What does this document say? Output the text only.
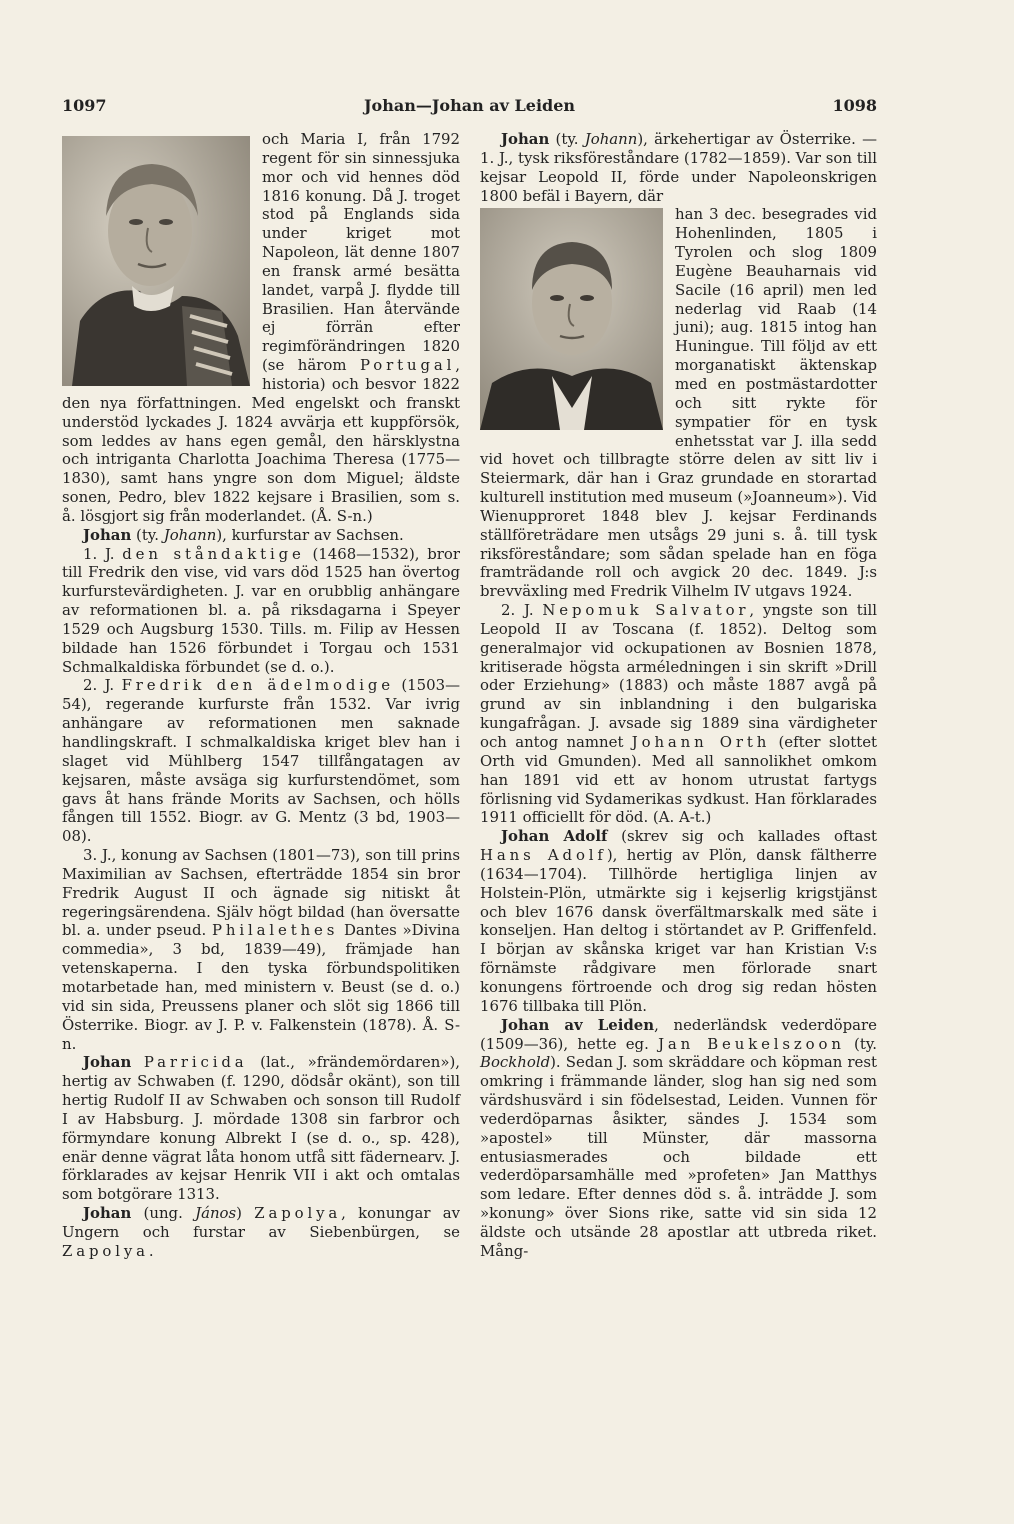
1097	Johan—Johan av Leiden	1098

och Maria I, från 1792 regent för sin sinnessjuka mor och vid hennes död 1816 konung. Då J. troget stod på Englands sida under kriget mot Napoleon, lät denne 1807 en fransk armé besätta landet, varpå J. flydde till Brasilien. Han återvände ej förrän efter regimförändringen 1820 (se härom Portugal, historia) och besvor 1822 den nya författningen. Med engelskt och franskt understöd lyckades J. 1824 avvärja ett kuppförsök, som leddes av hans egen gemål, den härsklystna och intriganta Charlotta Joachima Theresa (1775—1830), samt hans yngre son dom Miguel; äldste sonen, Pedro, blev 1822 kejsare i Brasilien, som s. å. lösgjort sig från moderlandet. (Å. S-n.)

Johan (ty. Johann), kurfurstar av Sachsen.

1. J. den ståndaktige (1468—1532), bror till Fredrik den vise, vid vars död 1525 han övertog kurfurstevärdigheten. J. var en orubblig anhängare av reformationen bl. a. på riksdagarna i Speyer 1529 och Augsburg 1530. Tills. m. Filip av Hessen bildade han 1526 förbundet i Torgau och 1531 Schmalkaldiska förbundet (se d. o.).

2. J. Fredrik den ädelmodige (1503—54), regerande kurfurste från 1532. Var ivrig anhängare av reformationen men saknade handlingskraft. I schmalkaldiska kriget blev han i slaget vid Mühlberg 1547 tillfångatagen av kejsaren, måste avsäga sig kurfurstendömet, som gavs åt hans frände Morits av Sachsen, och hölls fången till 1552. Biogr. av G. Mentz (3 bd, 1903—08).

3. J., konung av Sachsen (1801—73), son till prins Maximilian av Sachsen, efterträdde 1854 sin bror Fredrik August II och ägnade sig nitiskt åt regeringsärendena. Själv högt bildad (han översatte bl. a. under pseud. Philalethes Dantes »Divina commedia», 3 bd, 1839—49), främjade han vetenskaperna. I den tyska förbundspolitiken motarbetade han, med ministern v. Beust (se d. o.) vid sin sida, Preussens planer och slöt sig 1866 till Österrike. Biogr. av J. P. v. Falkenstein (1878). Å. S-n.

Johan Parricida (lat., »frändemördaren»), hertig av Schwaben (f. 1290, dödsår okänt), son till hertig Rudolf II av Schwaben och sonson till Rudolf I av Habsburg. J. mördade 1308 sin farbror och förmyndare konung Albrekt I (se d. o., sp. 428), enär denne vägrat låta honom utfå sitt fädernearv. J. förklarades av kejsar Henrik VII i akt och omtalas som botgörare 1313.

Johan (ung. János) Zapolya, konungar av Ungern och furstar av Siebenbürgen, se Zapolya.

Johan (ty. Johann), ärkehertigar av Österrike. — 1. J., tysk riksföreståndare (1782—1859). Var son till kejsar Leopold II, förde under Napoleonskrigen 1800 befäl i Bayern, där

han 3 dec. besegrades vid Hohenlinden, 1805 i Tyrolen och slog 1809 Eugène Beauharnais vid Sacile (16 april) men led nederlag vid Raab (14 juni); aug. 1815 intog han Huningue. Till följd av ett morganatiskt äktenskap med en postmästardotter och sitt rykte för sympatier för en tysk enhetsstat var J. illa sedd vid hovet och tillbragte större delen av sitt liv i Steiermark, där han i Graz grundade en storartad kulturell institution med museum (»Joanneum»). Vid Wienupproret 1848 blev J. kejsar Ferdinands ställföreträdare men utsågs 29 juni s. å. till tysk riksföreståndare; som sådan spelade han en föga framträdande roll och avgick 20 dec. 1849. J:s brevväxling med Fredrik Vilhelm IV utgavs 1924.

2. J. Nepomuk Salvator, yngste son till Leopold II av Toscana (f. 1852). Deltog som generalmajor vid ockupationen av Bosnien 1878, kritiserade högsta arméledningen i sin skrift »Drill oder Erziehung» (1883) och måste 1887 avgå på grund av sin inblandning i den bulgariska kungafrågan. J. avsade sig 1889 sina värdigheter och antog namnet Johann Orth (efter slottet Orth vid Gmunden). Med all sannolikhet omkom han 1891 vid ett av honom utrustat fartygs förlisning vid Sydamerikas sydkust. Han förklarades 1911 officiellt för död. (A. A-t.)

Johan Adolf (skrev sig och kallades oftast Hans Adolf), hertig av Plön, dansk fältherre (1634—1704). Tillhörde hertigliga linjen av Holstein-Plön, utmärkte sig i kejserlig krigstjänst och blev 1676 dansk överfältmarskalk med säte i konseljen. Han deltog i störtandet av P. Griffenfeld. I början av skånska kriget var han Kristian V:s förnämste rådgivare men förlorade snart konungens förtroende och drog sig redan hösten 1676 tillbaka till Plön.

Johan av Leiden, nederländsk vederdöpare (1509—36), hette eg. Jan Beukelszoon (ty. Bockhold). Sedan J. som skräddare och köpman rest omkring i främmande länder, slog han sig ned som värdshusvärd i sin födelsestad, Leiden. Vunnen för vederdöparnas åsikter, sändes J. 1534 som »apostel» till Münster, där massorna entusiasmerades och bildade ett vederdöparsamhälle med »profeten» Jan Matthys som ledare. Efter dennes död s. å. inträdde J. som »konung» över Sions rike, satte vid sin sida 12 äldste och utsände 28 apostlar att utbreda riket. Mång-
